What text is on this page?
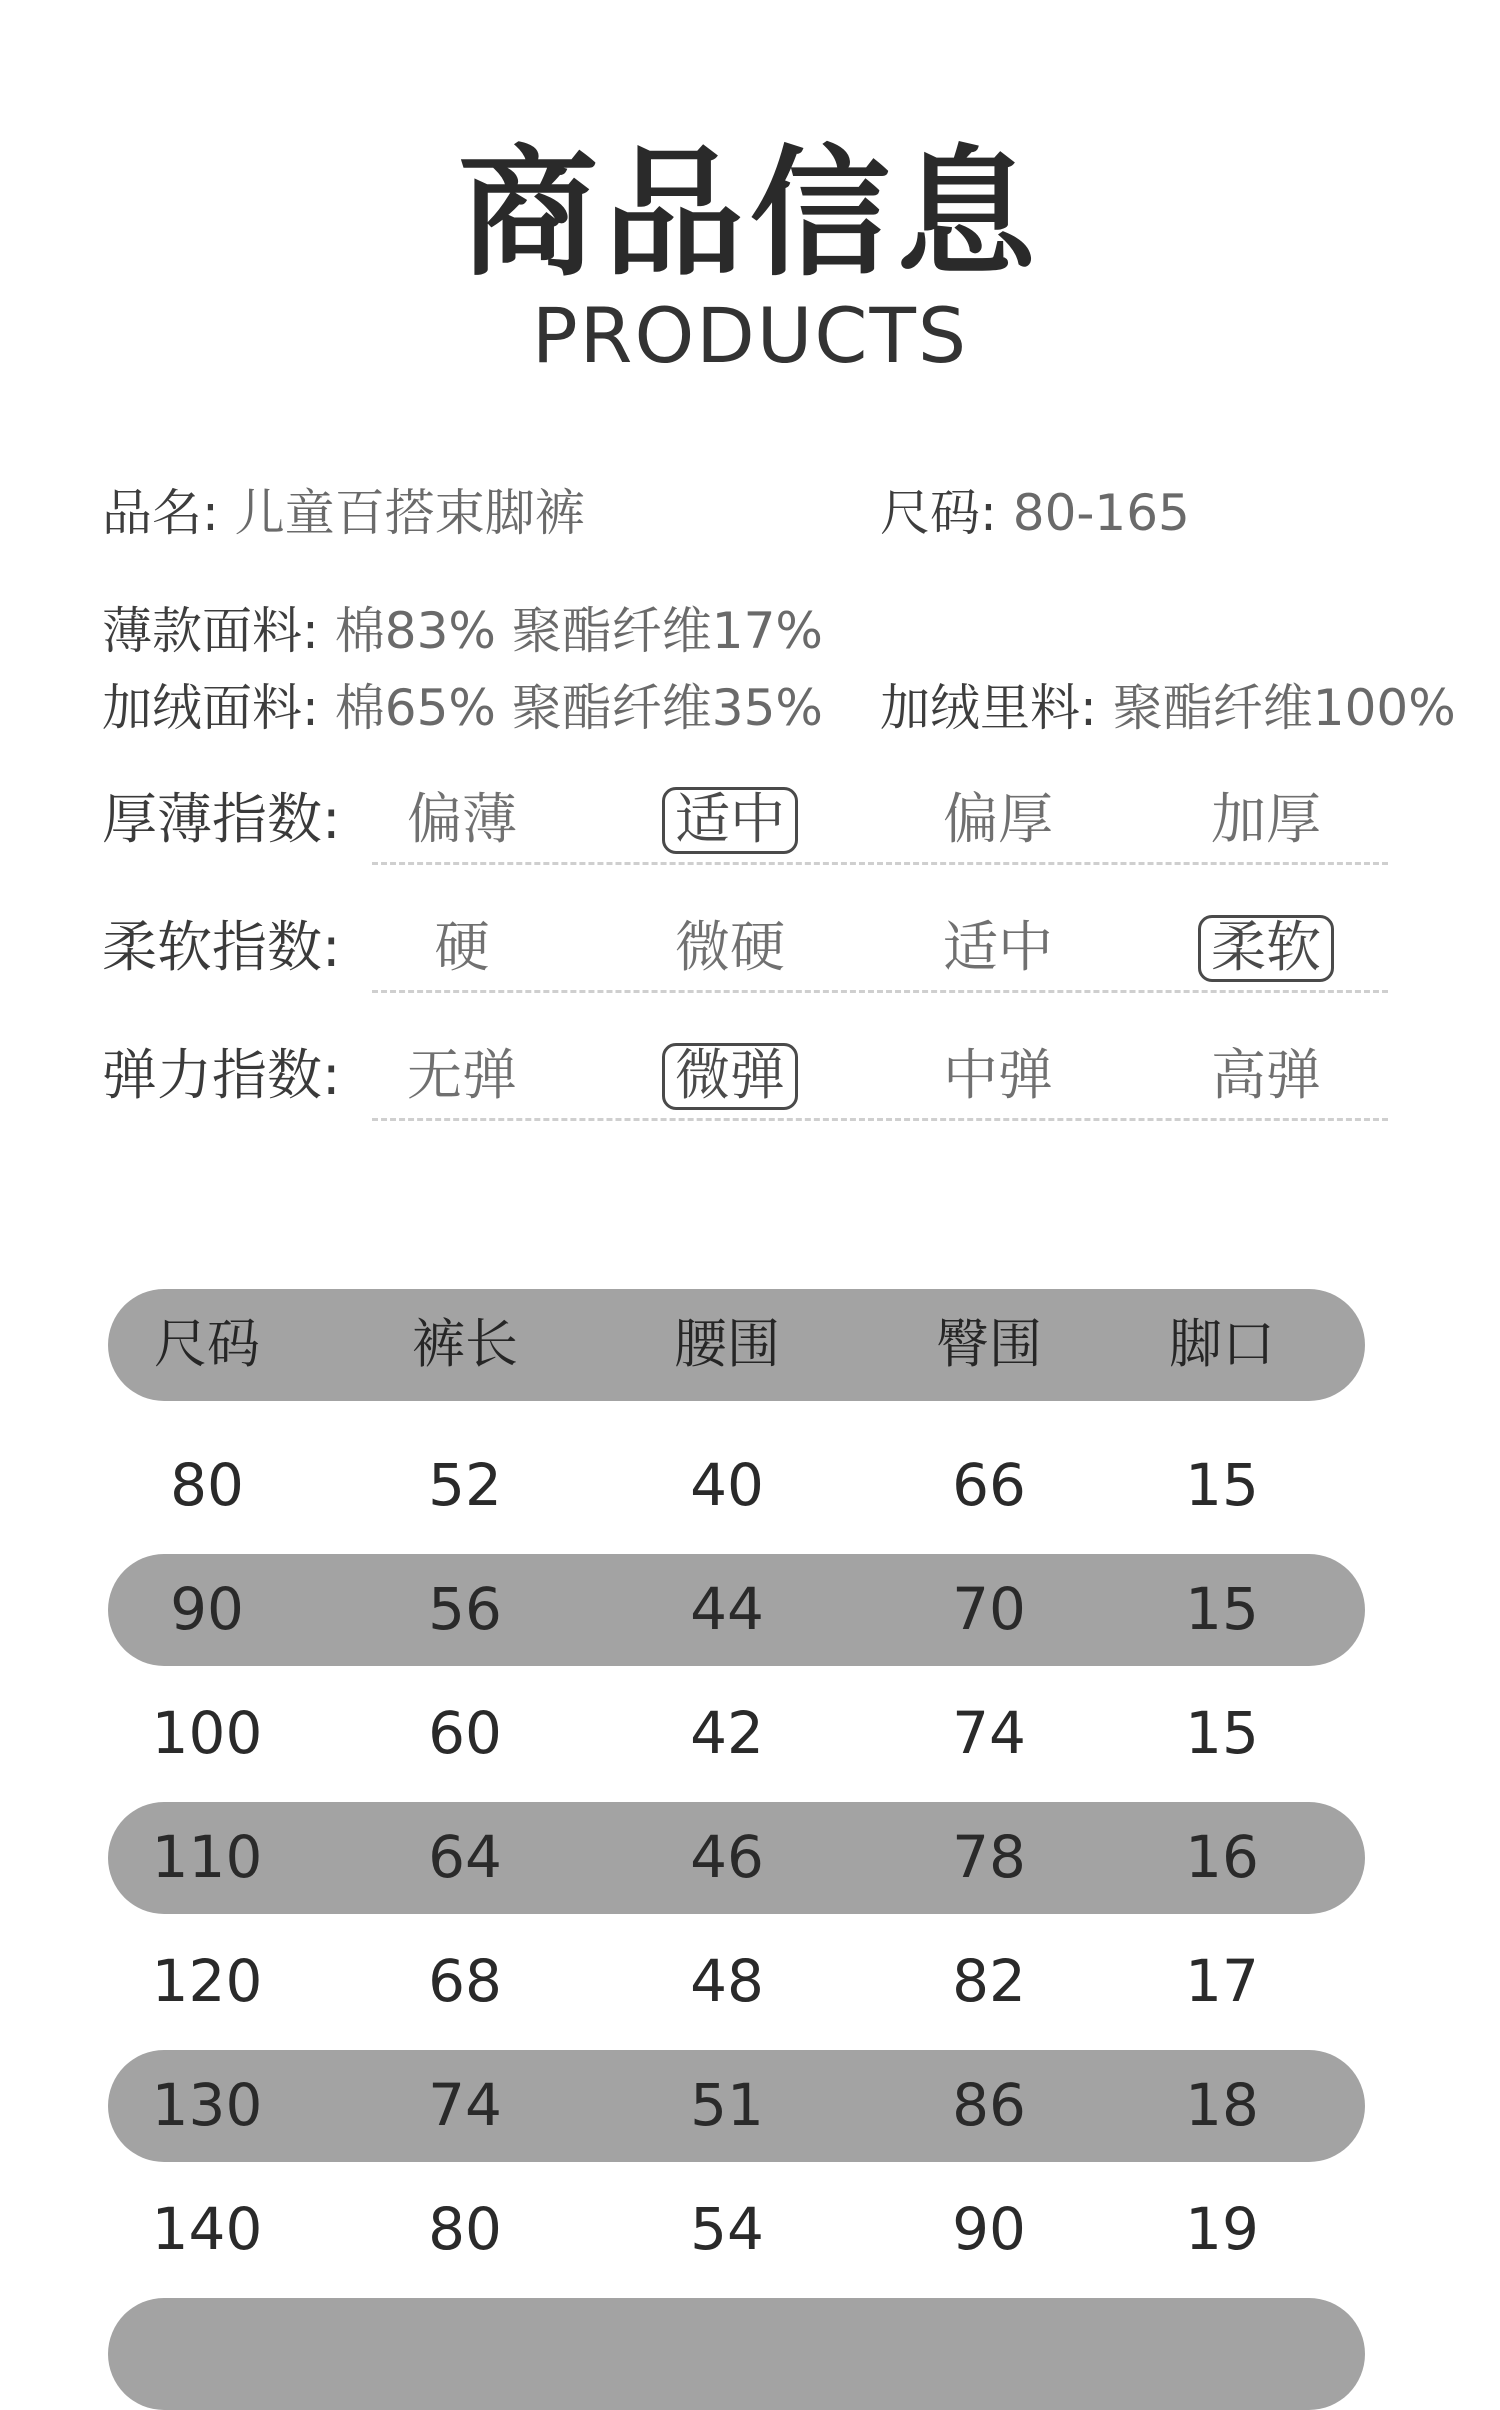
商品信息
PRODUCTS
品名: 儿童百搭束脚裤	尺码: 80-165
薄款面料: 棉83% 聚酯纤维17%
加绒面料: 棉65% 聚酯纤维35% 加绒里料: 聚酯纤维100%
厚薄指数:	偏薄	适中	偏厚	加厚
柔软指数:	硬	微硬	适中	柔软
弹力指数:	无弹	微弹	中弹	高弹
尺码	裤长	腰围	臀围	脚口
80	52	40	66	15
90	56	44	70	15
100	60	42	74	15
110	64	46	78	16
120	68	48	82	17
130	74	51	86	18
140	80	54	90	19
